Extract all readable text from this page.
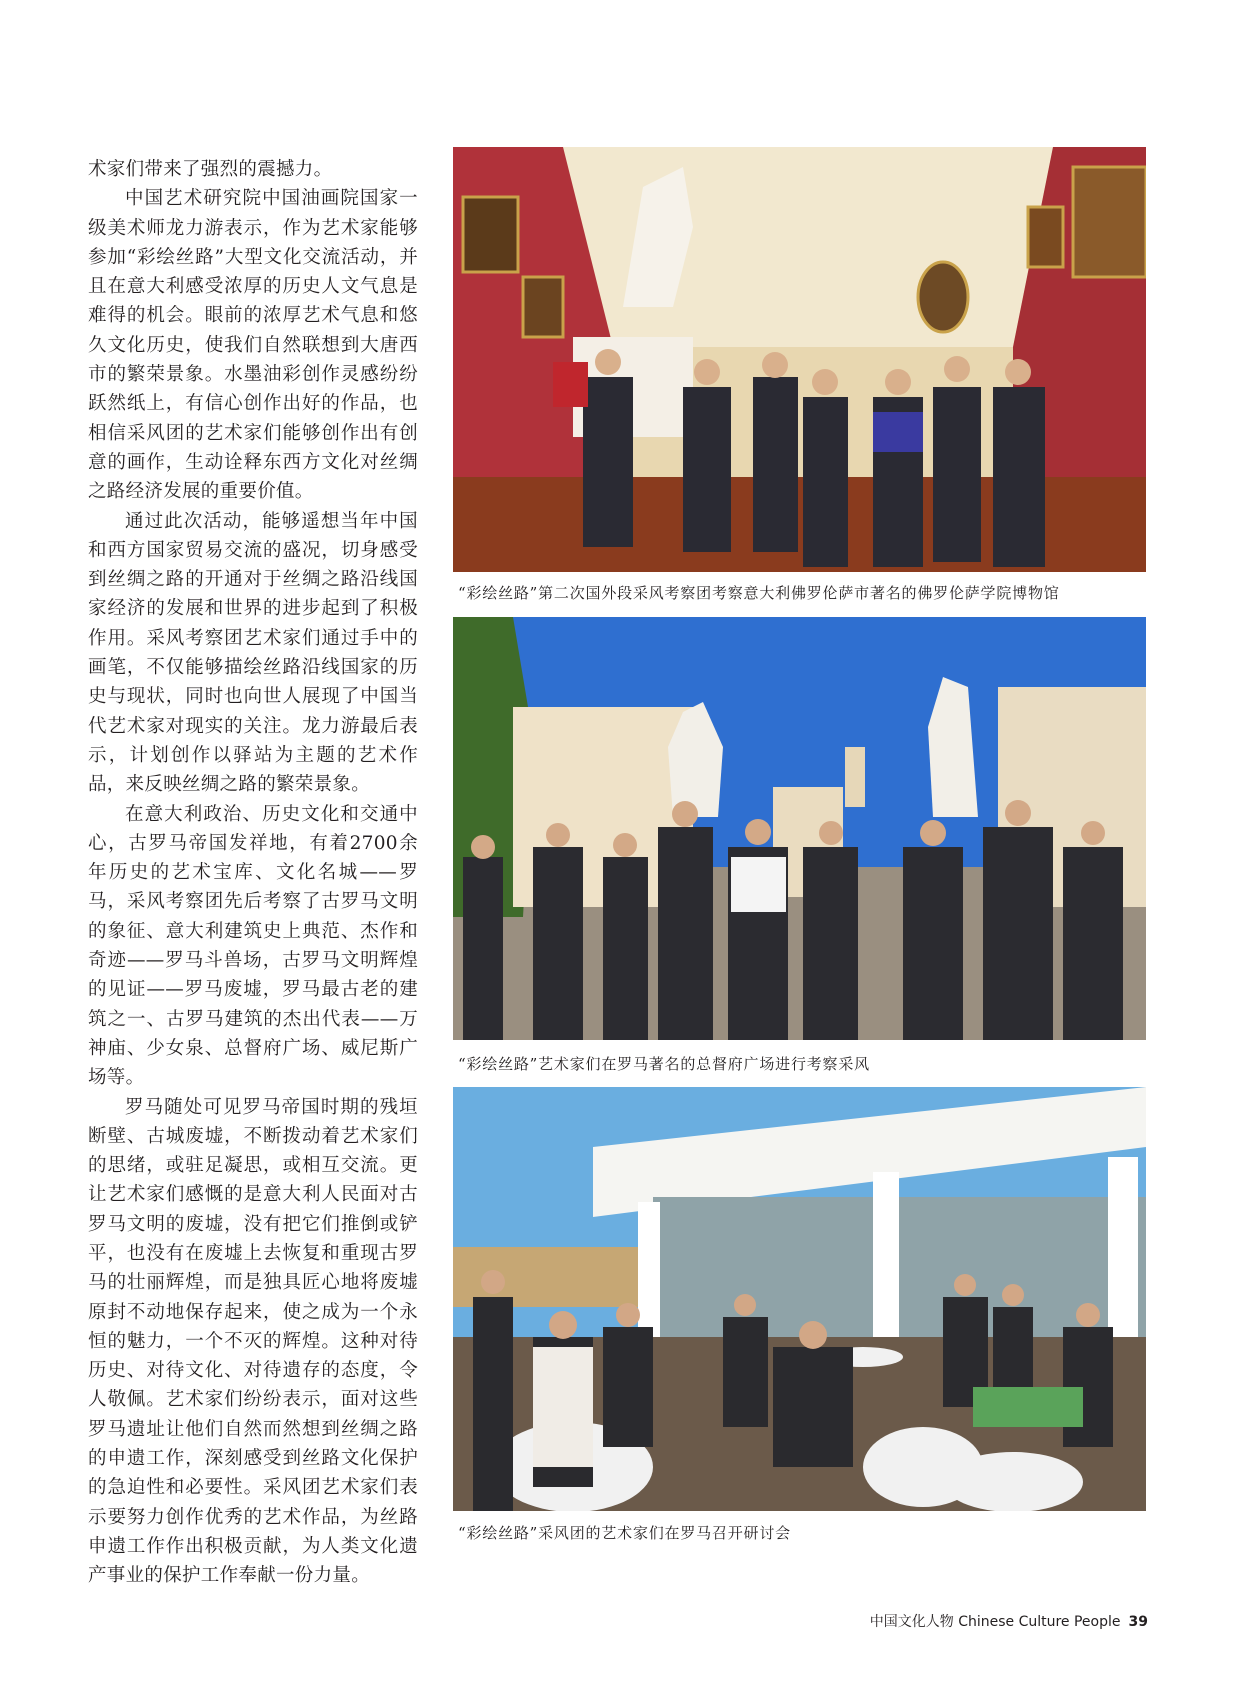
术家们带来了强烈的震撼力。

中国艺术研究院中国油画院国家一级美术师龙力游表示，作为艺术家能够参加“彩绘丝路”大型文化交流活动，并且在意大利感受浓厚的历史人文气息是难得的机会。眼前的浓厚艺术气息和悠久文化历史，使我们自然联想到大唐西市的繁荣景象。水墨油彩创作灵感纷纷跃然纸上，有信心创作出好的作品，也相信采风团的艺术家们能够创作出有创意的画作，生动诠释东西方文化对丝绸之路经济发展的重要价值。

通过此次活动，能够遥想当年中国和西方国家贸易交流的盛况，切身感受到丝绸之路的开通对于丝绸之路沿线国家经济的发展和世界的进步起到了积极作用。采风考察团艺术家们通过手中的画笔，不仅能够描绘丝路沿线国家的历史与现状，同时也向世人展现了中国当代艺术家对现实的关注。龙力游最后表示，计划创作以驿站为主题的艺术作品，来反映丝绸之路的繁荣景象。

在意大利政治、历史文化和交通中心，古罗马帝国发祥地，有着2700余年历史的艺术宝库、文化名城——罗马，采风考察团先后考察了古罗马文明的象征、意大利建筑史上典范、杰作和奇迹——罗马斗兽场，古罗马文明辉煌的见证——罗马废墟，罗马最古老的建筑之一、古罗马建筑的杰出代表——万神庙、少女泉、总督府广场、威尼斯广场等。

罗马随处可见罗马帝国时期的残垣断壁、古城废墟，不断拨动着艺术家们的思绪，或驻足凝思，或相互交流。更让艺术家们感慨的是意大利人民面对古罗马文明的废墟，没有把它们推倒或铲平，也没有在废墟上去恢复和重现古罗马的壮丽辉煌，而是独具匠心地将废墟原封不动地保存起来，使之成为一个永恒的魅力，一个不灭的辉煌。这种对待历史、对待文化、对待遗存的态度，令人敬佩。艺术家们纷纷表示，面对这些罗马遗址让他们自然而然想到丝绸之路的申遗工作，深刻感受到丝路文化保护的急迫性和必要性。采风团艺术家们表示要努力创作优秀的艺术作品，为丝路申遗工作作出积极贡献，为人类文化遗产事业的保护工作奉献一份力量。

“彩绘丝路”第二次国外段采风考察团考察意大利佛罗伦萨市著名的佛罗伦萨学院博物馆
“彩绘丝路”艺术家们在罗马著名的总督府广场进行考察采风
“彩绘丝路”采风团的艺术家们在罗马召开研讨会
中国文化人物 Chinese Culture People 39
